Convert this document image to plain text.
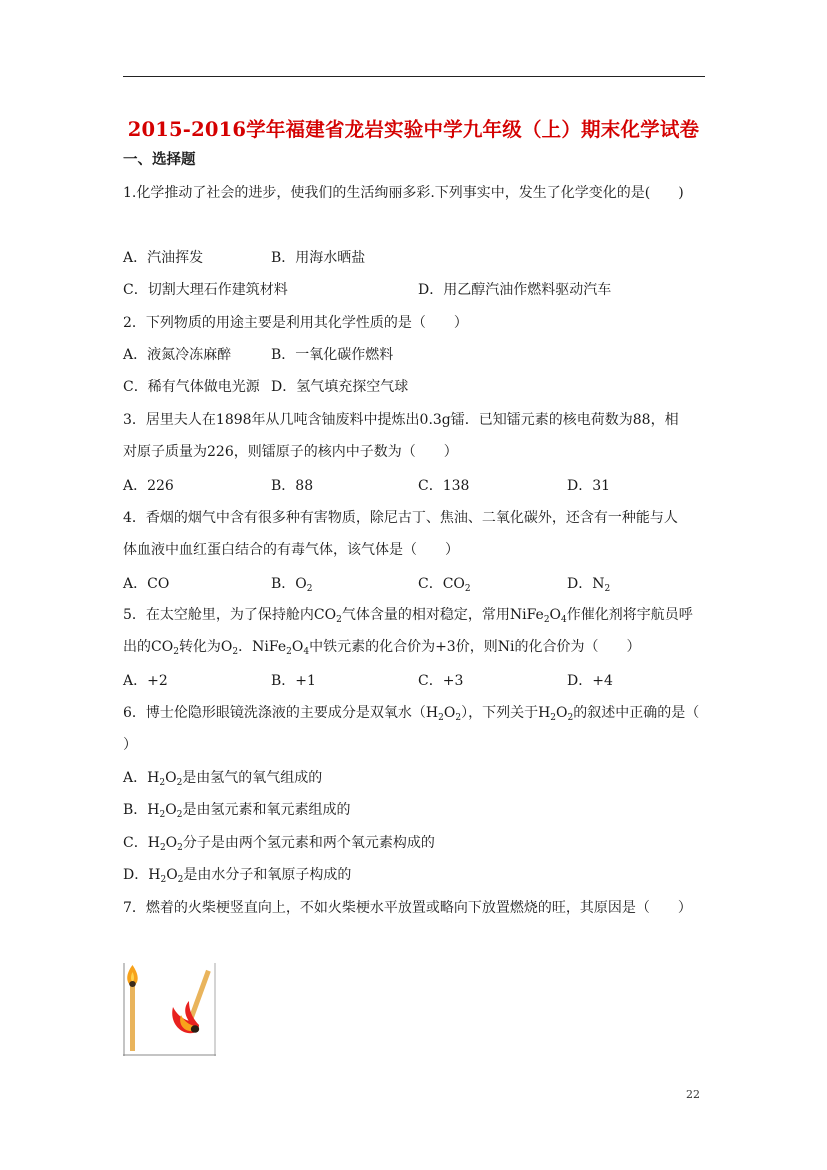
2015-2016学年福建省龙岩实验中学九年级（上）期末化学试卷
一、选择题
1.化学推动了社会的进步，使我们的生活绚丽多彩.下列事实中，发生了化学变化的是(　　)
A．汽油挥发	B．用海水晒盐
C．切割大理石作建筑材料	D．用乙醇汽油作燃料驱动汽车
2．下列物质的用途主要是利用其化学性质的是（　　）
A．液氮冷冻麻醉	B．一氧化碳作燃料
C．稀有气体做电光源 D．氢气填充探空气球
3．居里夫人在1898年从几吨含铀废料中提炼出0.3g镭．已知镭元素的核电荷数为88，相
对原子质量为226，则镭原子的核内中子数为（　　）
A．226	B．88	C．138	D．31
4．香烟的烟气中含有很多种有害物质，除尼古丁、焦油、二氧化碳外，还含有一种能与人
体血液中血红蛋白结合的有毒气体，该气体是（　　）
A．CO	B．$O_2$	C．$CO_2$	D．$N_2$
5．在太空舱里，为了保持舱内$CO_2$气体含量的相对稳定，常用$NiFe_2O_4$作催化剂将宇航员呼
出的$CO_2$转化为$O_2$．$NiFe_2O_4$中铁元素的化合价为+3价，则Ni的化合价为（　　）
A．+2	B．+1	C．+3	D．+4
6．博士伦隐形眼镜洗涤液的主要成分是双氧水$(H_2O_2)$，下列关于$H_2O_2$的叙述中正确的是（
）
A．$H_2O_2$是由氢气的氧气组成的
B．$H_2O_2$是由氢元素和氧元素组成的
C．$H_2O_2$分子是由两个氢元素和两个氧元素构成的
D．$H_2O_2$是由水分子和氧原子构成的
7．燃着的火柴梗竖直向上，不如火柴梗水平放置或略向下放置燃烧的旺，其原因是（　　）
22
